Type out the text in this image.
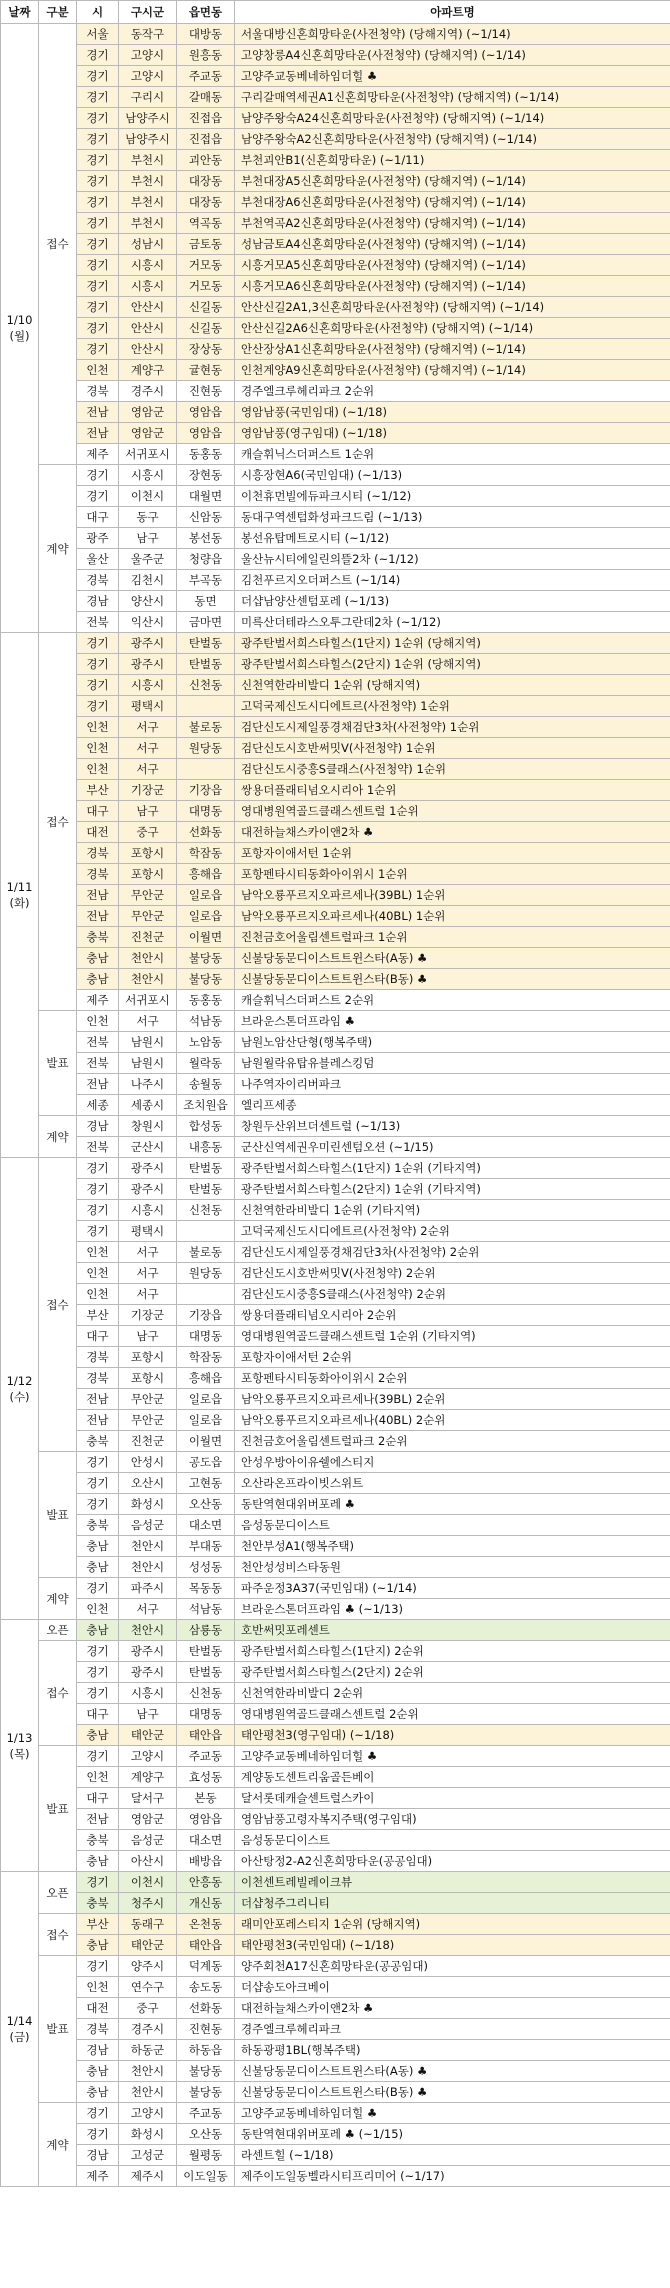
날짜	구분	시	구시군	읍면동	아파트명
1/10
(월)	접수	서울	동작구	대방동	서울대방신혼희망타운(사전청약) (당해지역) (~1/14)
		경기	고양시	원흥동	고양창릉A4신혼희망타운(사전청약) (당해지역) (~1/14)
		경기	고양시	주교동	고양주교동베네하임더힐 ♣
		경기	구리시	갈매동	구리갈매역세권A1신혼희망타운(사전청약) (당해지역) (~1/14)
		경기	남양주시	진접읍	남양주왕숙A24신혼희망타운(사전청약) (당해지역) (~1/14)
		경기	남양주시	진접읍	남양주왕숙A2신혼희망타운(사전청약) (당해지역) (~1/14)
		경기	부천시	괴안동	부천괴안B1(신혼희망타운) (~1/11)
		경기	부천시	대장동	부천대장A5신혼희망타운(사전청약) (당해지역) (~1/14)
		경기	부천시	대장동	부천대장A6신혼희망타운(사전청약) (당해지역) (~1/14)
		경기	부천시	역곡동	부천역곡A2신혼희망타운(사전청약) (당해지역) (~1/14)
		경기	성남시	금토동	성남금토A4신혼희망타운(사전청약) (당해지역) (~1/14)
		경기	시흥시	거모동	시흥거모A5신혼희망타운(사전청약) (당해지역) (~1/14)
		경기	시흥시	거모동	시흥거모A6신혼희망타운(사전청약) (당해지역) (~1/14)
		경기	안산시	신길동	안산신길2A1,3신혼희망타운(사전청약) (당해지역) (~1/14)
		경기	안산시	신길동	안산신길2A6신혼희망타운(사전청약) (당해지역) (~1/14)
		경기	안산시	장상동	안산장상A1신혼희망타운(사전청약) (당해지역) (~1/14)
		인천	계양구	귤현동	인천계양A9신혼희망타운(사전청약) (당해지역) (~1/14)
		경북	경주시	진현동	경주엘크루헤리파크 2순위
		전남	영암군	영암읍	영암남풍(국민임대) (~1/18)
		전남	영암군	영암읍	영암남풍(영구임대) (~1/18)
		제주	서귀포시	동홍동	캐슬휘닉스더퍼스트 1순위
	계약	경기	시흥시	장현동	시흥장현A6(국민임대) (~1/13)
		경기	이천시	대월면	이천휴먼빌에듀파크시티 (~1/12)
		대구	동구	신암동	동대구역센텀화성파크드림 (~1/13)
		광주	남구	봉선동	봉선유탑메트로시티 (~1/12)
		울산	울주군	청량읍	울산뉴시티에일린의뜰2차 (~1/12)
		경북	김천시	부곡동	김천푸르지오더퍼스트 (~1/14)
		경남	양산시	동면	더샵남양산센텀포레 (~1/13)
		전북	익산시	금마면	미륵산더테라스오투그란데2차 (~1/12)
1/11
(화)	접수	경기	광주시	탄벌동	광주탄벌서희스타힐스(1단지) 1순위 (당해지역)
		경기	광주시	탄벌동	광주탄벌서희스타힐스(2단지) 1순위 (당해지역)
		경기	시흥시	신천동	신천역한라비발디 1순위 (당해지역)
		경기	평택시		고덕국제신도시디에트르(사전청약) 1순위
		인천	서구	불로동	검단신도시제일풍경채검단3차(사전청약) 1순위
		인천	서구	원당동	검단신도시호반써밋V(사전청약) 1순위
		인천	서구		검단신도시중흥S클래스(사전청약) 1순위
		부산	기장군	기장읍	쌍용더플래티넘오시리아 1순위
		대구	남구	대명동	영대병원역골드클래스센트럴 1순위
		대전	중구	선화동	대전하늘채스카이앤2차 ♣
		경북	포항시	학잠동	포항자이애서턴 1순위
		경북	포항시	흥해읍	포항펜타시티동화아이위시 1순위
		전남	무안군	일로읍	남악오룡푸르지오파르세나(39BL) 1순위
		전남	무안군	일로읍	남악오룡푸르지오파르세나(40BL) 1순위
		충북	진천군	이월면	진천금호어울림센트럴파크 1순위
		충남	천안시	불당동	신불당동문디이스트트윈스타(A동) ♣
		충남	천안시	불당동	신불당동문디이스트트윈스타(B동) ♣
		제주	서귀포시	동홍동	캐슬휘닉스더퍼스트 2순위
	발표	인천	서구	석남동	브라운스톤더프라임 ♣
		전북	남원시	노암동	남원노암산단형(행복주택)
		전북	남원시	월락동	남원월락유탑유블레스킹덤
		전남	나주시	송월동	나주역자이리버파크
		세종	세종시	조치원읍	엘리프세종
	계약	경남	창원시	합성동	창원두산위브더센트럴 (~1/13)
		전북	군산시	내흥동	군산신역세권우미린센텀오션 (~1/15)
1/12
(수)	접수	경기	광주시	탄벌동	광주탄벌서희스타힐스(1단지) 1순위 (기타지역)
		경기	광주시	탄벌동	광주탄벌서희스타힐스(2단지) 1순위 (기타지역)
		경기	시흥시	신천동	신천역한라비발디 1순위 (기타지역)
		경기	평택시		고덕국제신도시디에트르(사전청약) 2순위
		인천	서구	불로동	검단신도시제일풍경채검단3차(사전청약) 2순위
		인천	서구	원당동	검단신도시호반써밋V(사전청약) 2순위
		인천	서구		검단신도시중흥S클래스(사전청약) 2순위
		부산	기장군	기장읍	쌍용더플래티넘오시리아 2순위
		대구	남구	대명동	영대병원역골드클래스센트럴 1순위 (기타지역)
		경북	포항시	학잠동	포항자이애서턴 2순위
		경북	포항시	흥해읍	포항펜타시티동화아이위시 2순위
		전남	무안군	일로읍	남악오룡푸르지오파르세나(39BL) 2순위
		전남	무안군	일로읍	남악오룡푸르지오파르세나(40BL) 2순위
		충북	진천군	이월면	진천금호어울림센트럴파크 2순위
	발표	경기	안성시	공도읍	안성우방아이유쉘에스티지
		경기	오산시	고현동	오산라온프라이빗스위트
		경기	화성시	오산동	동탄역현대위버포레 ♣
		충북	음성군	대소면	음성동문디이스트
		충남	천안시	부대동	천안부성A1(행복주택)
		충남	천안시	성성동	천안성성비스타동원
	계약	경기	파주시	목동동	파주운정3A37(국민임대) (~1/14)
		인천	서구	석남동	브라운스톤더프라임 ♣ (~1/13)
1/13
(목)	오픈	충남	천안시	삼룡동	호반써밋포레센트
	접수	경기	광주시	탄벌동	광주탄벌서희스타힐스(1단지) 2순위
		경기	광주시	탄벌동	광주탄벌서희스타힐스(2단지) 2순위
		경기	시흥시	신천동	신천역한라비발디 2순위
		대구	남구	대명동	영대병원역골드클래스센트럴 2순위
		충남	태안군	태안읍	태안평천3(영구임대) (~1/18)
	발표	경기	고양시	주교동	고양주교동베네하임더힐 ♣
		인천	계양구	효성동	계양동도센트리움골든베이
		대구	달서구	본동	달서롯데캐슬센트럴스카이
		전남	영암군	영암읍	영암남풍고령자복지주택(영구임대)
		충북	음성군	대소면	음성동문디이스트
		충남	아산시	배방읍	아산탕정2-A2신혼희망타운(공공임대)
1/14
(금)	오픈	경기	이천시	안흥동	이천센트레빌레이크뷰
		충북	청주시	개신동	더샵청주그리니티
	접수	부산	동래구	온천동	래미안포레스티지 1순위 (당해지역)
		충남	태안군	태안읍	태안평천3(국민임대) (~1/18)
	발표	경기	양주시	덕계동	양주회천A17신혼희망타운(공공임대)
		인천	연수구	송도동	더샵송도아크베이
		대전	중구	선화동	대전하늘채스카이앤2차 ♣
		경북	경주시	진현동	경주엘크루헤리파크
		경남	하동군	하동읍	하동광평1BL(행복주택)
		충남	천안시	불당동	신불당동문디이스트트윈스타(A동) ♣
		충남	천안시	불당동	신불당동문디이스트트윈스타(B동) ♣
	계약	경기	고양시	주교동	고양주교동베네하임더힐 ♣
		경기	화성시	오산동	동탄역현대위버포레 ♣ (~1/15)
		경남	고성군	월평동	라센트힐 (~1/18)
		제주	제주시	이도일동	제주이도일동벨라시티프리미어 (~1/17)
